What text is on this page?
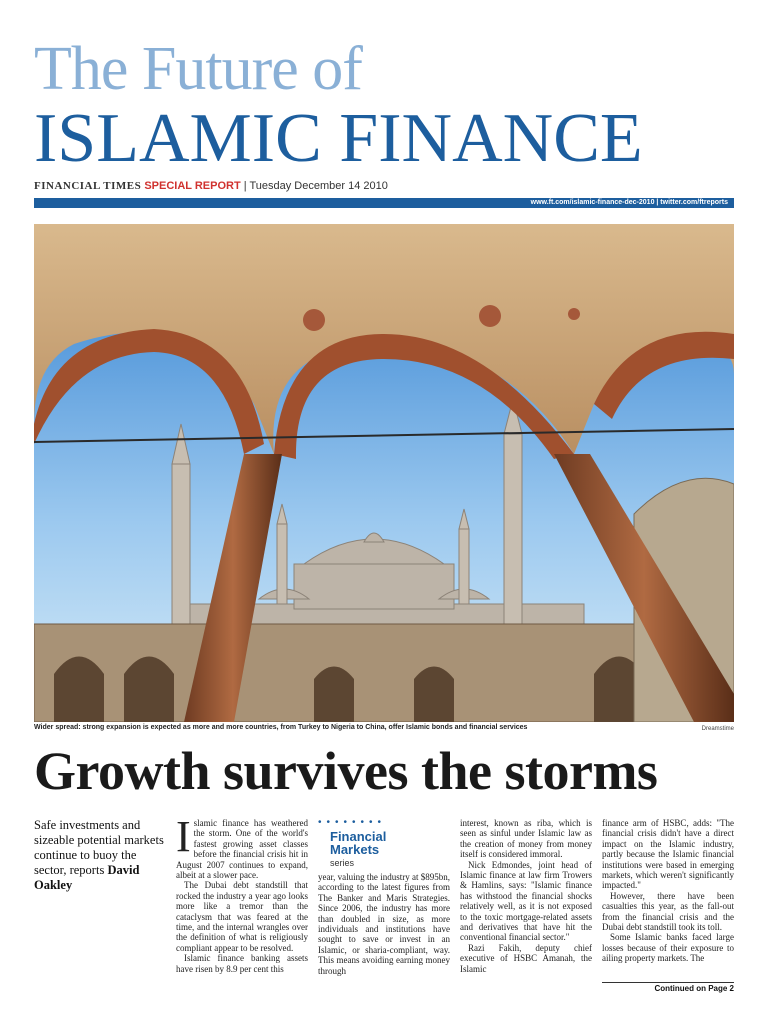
The Future of
ISLAMIC FINANCE
FINANCIAL TIMES SPECIAL REPORT | Tuesday December 14 2010
www.ft.com/islamic-finance-dec-2010 | twitter.com/ftreports
Wider spread: strong expansion is expected as more and more countries, from Turkey to Nigeria to China, offer Islamic bonds and financial services	Dreamstime
Growth survives the storms
Safe investments and sizeable potential markets continue to buoy the sector, reports David Oakley

Islamic finance has weathered the storm. One of the world's fastest growing asset classes before the financial crisis hit in August 2007 continues to expand, albeit at a slower pace.

The Dubai debt standstill that rocked the industry a year ago looks more like a tremor than the cataclysm that was feared at the time, and the internal wrangles over the definition of what is religiously compliant appear to be resolved.

Islamic finance banking assets have risen by 8.9 per cent this

••••••••
Financial
Markets
series

year, valuing the industry at $895bn, according to the latest figures from The Banker and Maris Strategies. Since 2006, the industry has more than doubled in size, as more individuals and institutions have sought to save or invest in an Islamic, or sharia-compliant, way. This means avoiding earning money through

interest, known as riba, which is seen as sinful under Islamic law as the creation of money from money itself is considered immoral.

Nick Edmondes, joint head of Islamic finance at law firm Trowers & Hamlins, says: "Islamic finance has withstood the financial shocks relatively well, as it is not exposed to the toxic mortgage-related assets and derivatives that have hit the conventional financial sector."

Razi Fakih, deputy chief executive of HSBC Amanah, the Islamic

finance arm of HSBC, adds: "The financial crisis didn't have a direct impact on the Islamic industry, partly because the Islamic financial institutions were based in emerging markets, which weren't significantly impacted."

However, there have been casualties this year, as the fall-out from the financial crisis and the Dubai debt standstill took its toll.

Some Islamic banks faced large losses because of their exposure to ailing property markets. The

Continued on Page 2
